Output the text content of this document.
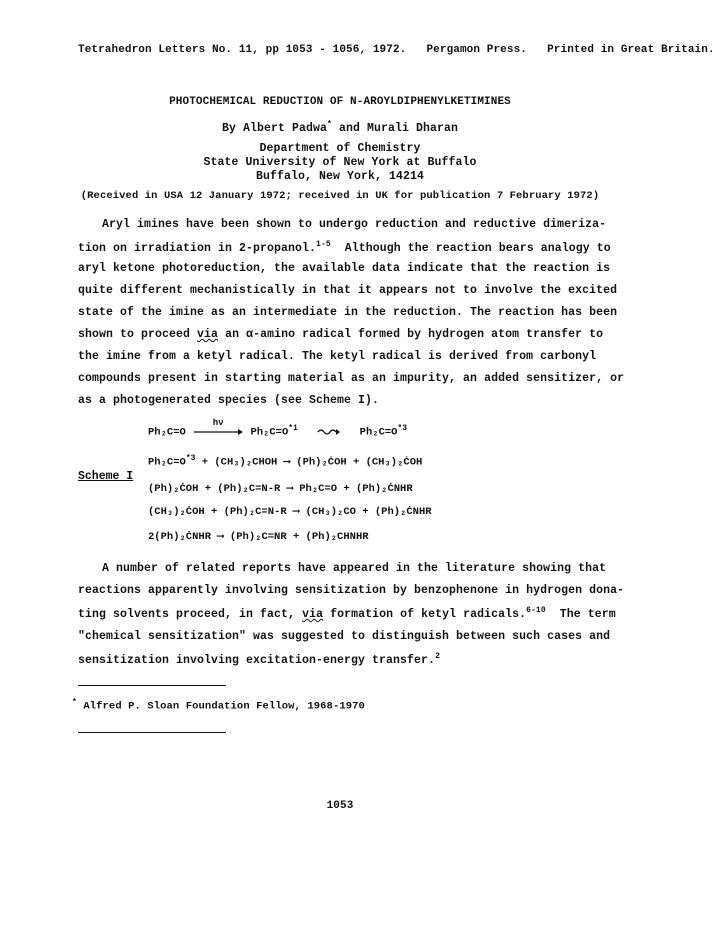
Tetrahedron Letters No. 11, pp 1053 - 1056, 1972. Pergamon Press. Printed in Great Britain.
PHOTOCHEMICAL REDUCTION OF N-AROYLDIPHENYLKETIMINES
By Albert Padwa* and Murali Dharan
Department of Chemistry
State University of New York at Buffalo
Buffalo, New York, 14214
(Received in USA 12 January 1972; received in UK for publication 7 February 1972)
Aryl imines have been shown to undergo reduction and reductive dimeriza-
tion on irradiation in 2-propanol.$^{1-5}$ Although the reaction bears analogy to
aryl ketone photoreduction, the available data indicate that the reaction is
quite different mechanistically in that it appears not to involve the excited
state of the imine as an intermediate in the reduction. The reaction has been
shown to proceed via an α-amino radical formed by hydrogen atom transfer to
the imine from a ketyl radical. The ketyl radical is derived from carbonyl
compounds present in starting material as an impurity, an added sensitizer, or
as a photogenerated species (see Scheme I).
Scheme I
Ph₂C=O
hν
$Ph_2C=O^{*1}$	$Ph_2C=O^{*3}$
$Ph_2C=O^{*3}$ + (CH₃)₂CHOH ⟶ (Ph)₂ĊOH + (CH₃)₂ĊOH
(Ph)₂ĊOH + (Ph)₂C=N-R ⟶ Ph₂C=O + (Ph)₂ĊNHR
(CH₃)₂ĊOH + (Ph)₂C=N-R ⟶ (CH₃)₂CO + (Ph)₂ĊNHR
2(Ph)₂ĊNHR ⟶ (Ph)₂C=NR + (Ph)₂CHNHR
A number of related reports have appeared in the literature showing that
reactions apparently involving sensitization by benzophenone in hydrogen dona-
ting solvents proceed, in fact, via formation of ketyl radicals.$^{6-10}$ The term
"chemical sensitization" was suggested to distinguish between such cases and
sensitization involving excitation-energy transfer.$^2$
* Alfred P. Sloan Foundation Fellow, 1968-1970
1053
